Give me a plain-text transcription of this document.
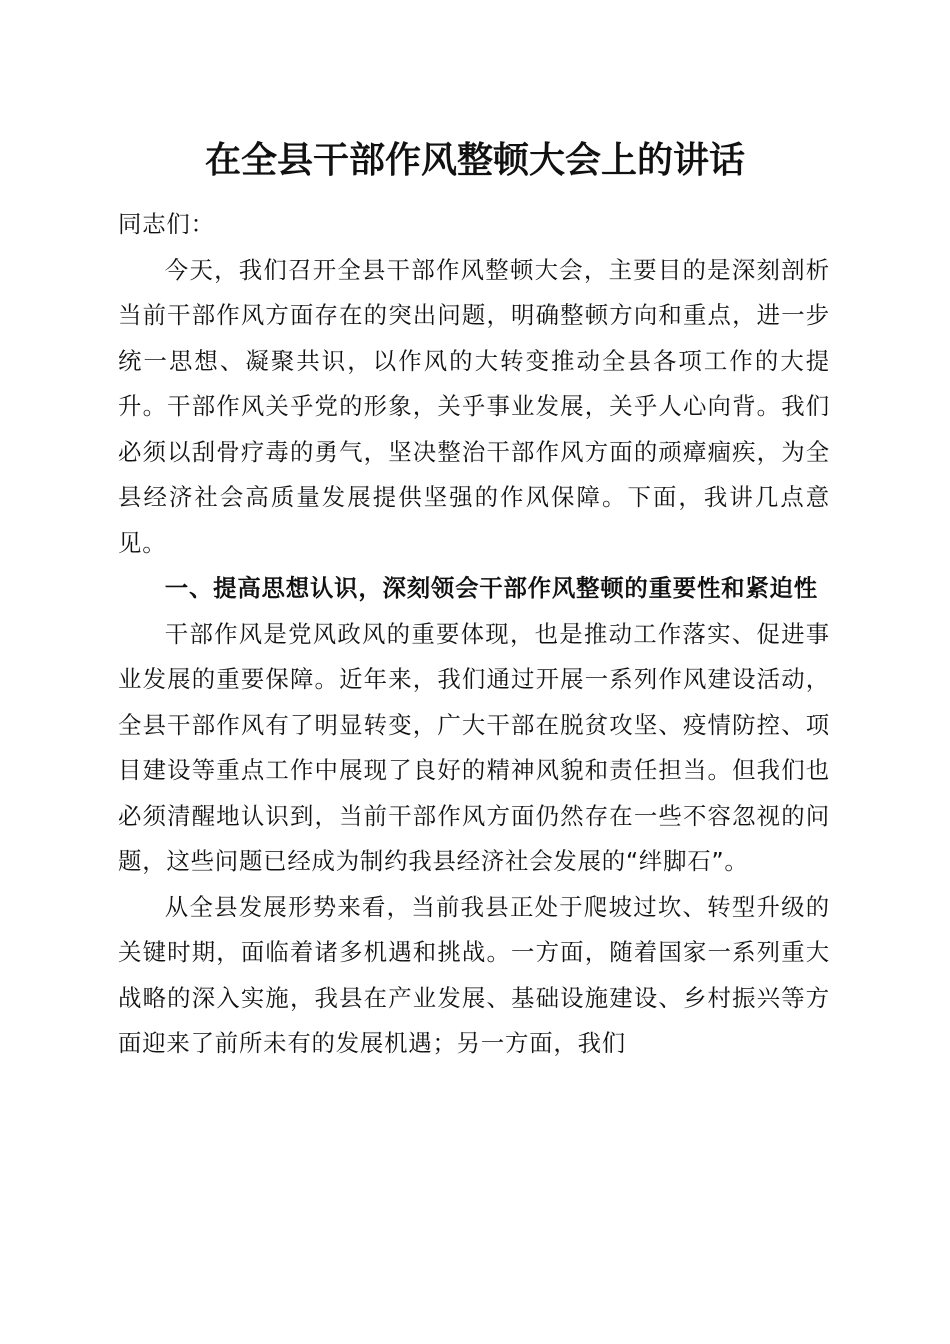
在全县干部作风整顿大会上的讲话

同志们：

今天，我们召开全县干部作风整顿大会，主要目的是深刻剖析当前干部作风方面存在的突出问题，明确整顿方向和重点，进一步统一思想、凝聚共识，以作风的大转变推动全县各项工作的大提升。干部作风关乎党的形象，关乎事业发展，关乎人心向背。我们必须以刮骨疗毒的勇气，坚决整治干部作风方面的顽瘴痼疾，为全县经济社会高质量发展提供坚强的作风保障。下面，我讲几点意见。

一、提高思想认识，深刻领会干部作风整顿的重要性和紧迫性

干部作风是党风政风的重要体现，也是推动工作落实、促进事业发展的重要保障。近年来，我们通过开展一系列作风建设活动，全县干部作风有了明显转变，广大干部在脱贫攻坚、疫情防控、项目建设等重点工作中展现了良好的精神风貌和责任担当。但我们也必须清醒地认识到，当前干部作风方面仍然存在一些不容忽视的问题，这些问题已经成为制约我县经济社会发展的“绊脚石”。

从全县发展形势来看，当前我县正处于爬坡过坎、转型升级的关键时期，面临着诸多机遇和挑战。一方面，随着国家一系列重大战略的深入实施，我县在产业发展、基础设施建设、乡村振兴等方面迎来了前所未有的发展机遇；另一方面，我们
